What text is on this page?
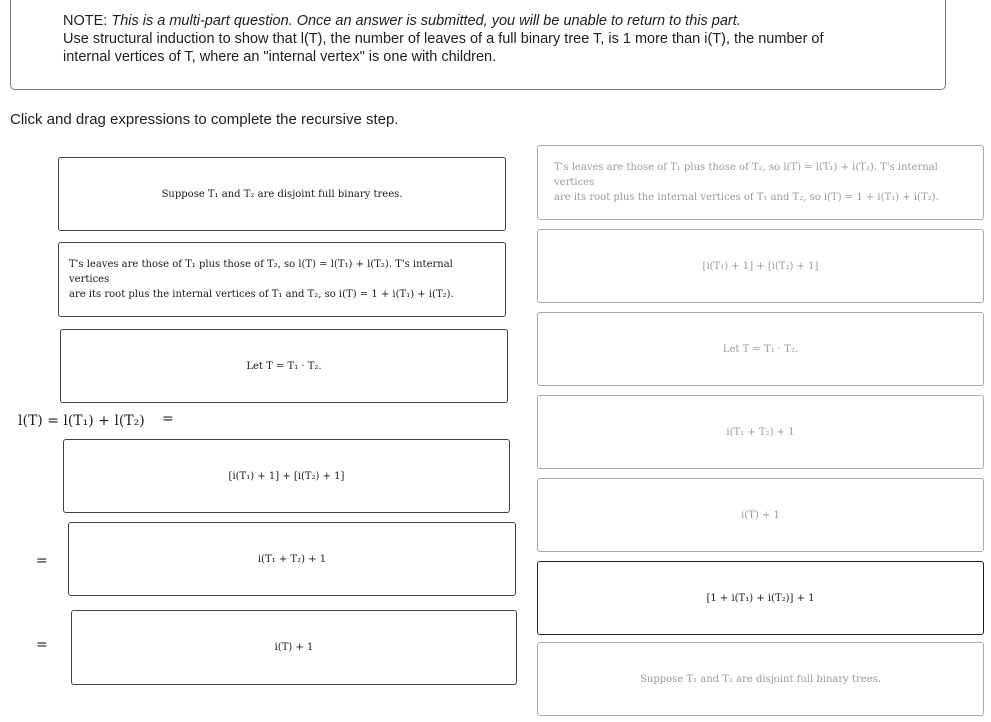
NOTE: This is a multi-part question. Once an answer is submitted, you will be unable to return to this part.
Use structural induction to show that l(T), the number of leaves of a full binary tree T, is 1 more than i(T), the number of
internal vertices of T, where an "internal vertex" is one with children.
Click and drag expressions to complete the recursive step.
Suppose T₁ and T₂ are disjoint full binary trees.
T's leaves are those of T₁ plus those of T₂, so l(T) = l(T₁) + l(T₂). T's internal vertices
are its root plus the internal vertices of T₁ and T₂, so i(T) = 1 + i(T₁) + i(T₂).
Let T = T₁ · T₂.
l(T) = l(T₁) + l(T₂) =
=
=
[i(T₁) + 1] + [i(T₂) + 1]
i(T₁ + T₂) + 1
i(T) + 1
T's leaves are those of T₁ plus those of T₂, so l(T) = l(T₁) + l(T₂). T's internal vertices
are its root plus the internal vertices of T₁ and T₂, so i(T) = 1 + i(T₁) + i(T₂).
[i(T₁) + 1] + [i(T₂) + 1]
Let T = T₁ · T₂.
i(T₁ + T₂) + 1
i(T) + 1
[1 + i(T₁) + i(T₂)] + 1
Suppose T₁ and T₂ are disjoint full binary trees.
